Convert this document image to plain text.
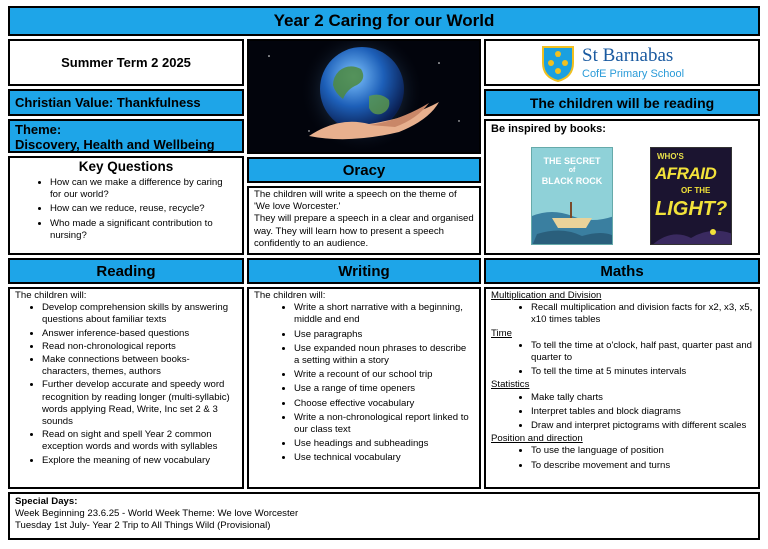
Year 2 Caring for our World
Summer Term 2 2025
Christian Value: Thankfulness
Theme:
Discovery, Health and Wellbeing
Key Questions
• How can we make a difference by caring for our world?
• How can we reduce, reuse, recycle?
• Who made a significant contribution to nursing?
Oracy
The children will write a speech on the theme of 'We love Worcester.'
They will prepare a speech in a clear and organised way. They will learn how to present a speech confidently to an audience.
St Barnabas
CofE Primary School
The children will be reading
Be inspired by books:
THE SECRET
of
BLACK ROCK
WHO'S
AFRAID
OF THE
LIGHT?
Reading	Writing	Maths
The children will:
• Develop comprehension skills by answering questions about familiar texts
• Answer inference-based questions
• Read non-chronological reports
• Make connections between books- characters, themes, authors
• Further develop accurate and speedy word recognition by reading longer (multi-syllabic) words applying Read, Write, Inc set 2 & 3 sounds
• Read on sight and spell Year 2 common exception words and words with syllables
• Explore the meaning of new vocabulary
The children will:
• Write a short narrative with a beginning, middle and end
• Use paragraphs
• Use expanded noun phrases to describe a setting within a story
• Write a recount of our school trip
• Use a range of time openers
• Choose effective vocabulary
• Write a non-chronological report linked to our class text
• Use headings and subheadings
• Use technical vocabulary
Multiplication and Division
• Recall multiplication and division facts for x2, x3, x5, x10 times tables
Time
• To tell the time at o'clock, half past, quarter past and quarter to
• To tell the time at 5 minutes intervals
Statistics
• Make tally charts
• Interpret tables and block diagrams
• Draw and interpret pictograms with different scales
Position and direction
• To use the language of position
• To describe movement and turns
Special Days:
Week Beginning 23.6.25 - World Week Theme: We love Worcester
Tuesday 1st July- Year 2 Trip to All Things Wild (Provisional)
